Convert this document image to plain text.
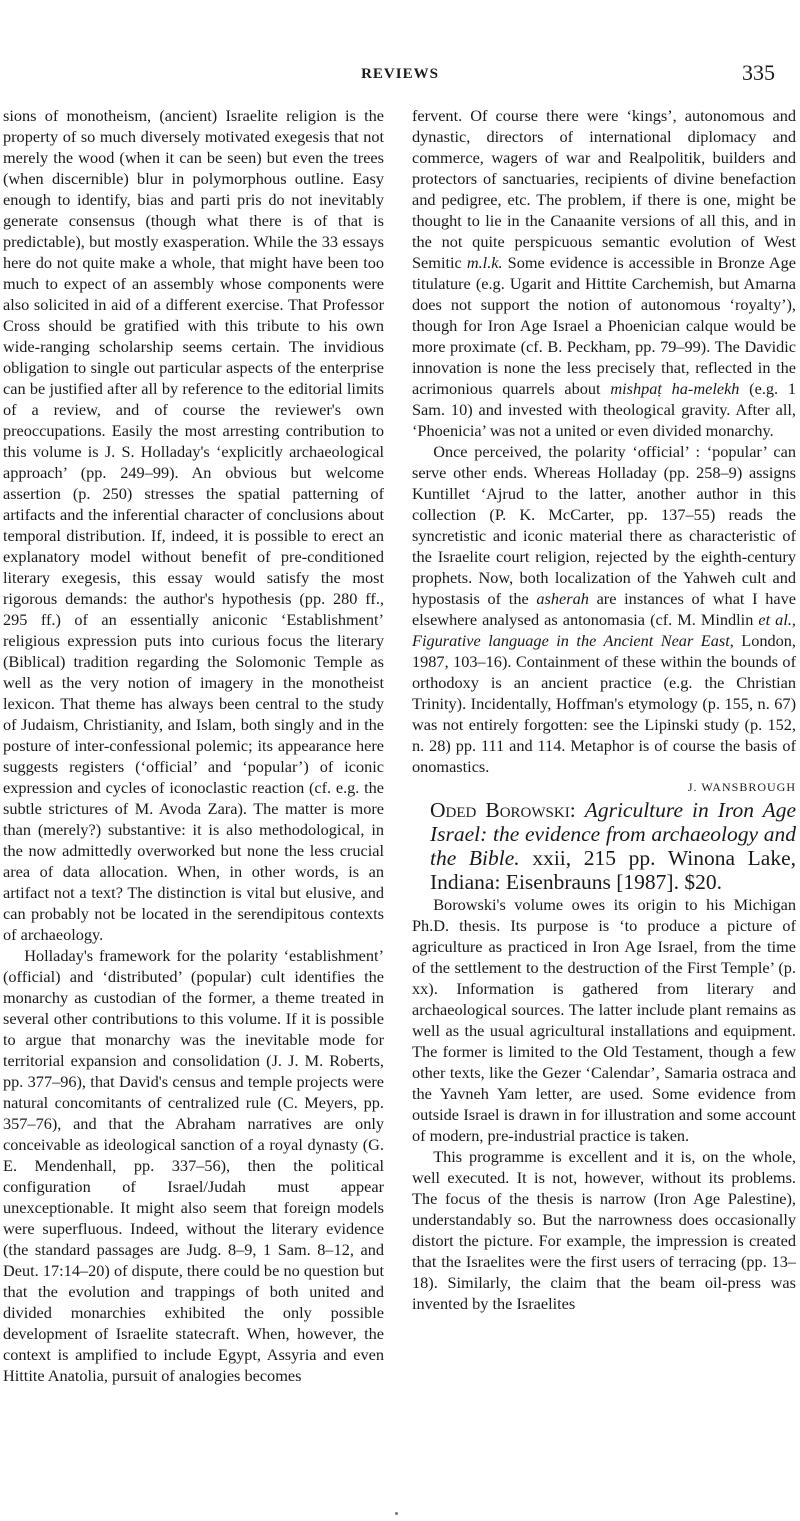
REVIEWS	335

sions of monotheism, (ancient) Israelite religion is the property of so much diversely motivated exegesis that not merely the wood (when it can be seen) but even the trees (when discernible) blur in polymorphous outline. Easy enough to identify, bias and parti pris do not inevitably generate consensus (though what there is of that is predictable), but mostly exasperation. While the 33 essays here do not quite make a whole, that might have been too much to expect of an assembly whose components were also solicited in aid of a different exercise. That Professor Cross should be gratified with this tribute to his own wide-ranging scholarship seems certain. The invidious obligation to single out particular aspects of the enterprise can be justified after all by reference to the editorial limits of a review, and of course the reviewer's own preoccupations. Easily the most arresting contribution to this volume is J. S. Holladay's ‘explicitly archaeological approach’ (pp. 249–99). An obvious but welcome assertion (p. 250) stresses the spatial patterning of artifacts and the inferential character of conclusions about temporal distribution. If, indeed, it is possible to erect an explanatory model without benefit of pre-conditioned literary exegesis, this essay would satisfy the most rigorous demands: the author's hypothesis (pp. 280 ff., 295 ff.) of an essentially aniconic ‘Establishment’ religious expression puts into curious focus the literary (Biblical) tradition regarding the Solomonic Temple as well as the very notion of imagery in the monotheist lexicon. That theme has always been central to the study of Judaism, Christianity, and Islam, both singly and in the posture of inter-confessional polemic; its appearance here suggests registers (‘official’ and ‘popular’) of iconic expression and cycles of iconoclastic reaction (cf. e.g. the subtle strictures of M. Avoda Zara). The matter is more than (merely?) substantive: it is also methodological, in the now admittedly overworked but none the less crucial area of data allocation. When, in other words, is an artifact not a text? The distinction is vital but elusive, and can probably not be located in the serendipitous contexts of archaeology.

Holladay's framework for the polarity ‘establishment’ (official) and ‘distributed’ (popular) cult identifies the monarchy as custodian of the former, a theme treated in several other contributions to this volume. If it is possible to argue that monarchy was the inevitable mode for territorial expansion and consolidation (J. J. M. Roberts, pp. 377–96), that David's census and temple projects were natural concomitants of centralized rule (C. Meyers, pp. 357–76), and that the Abraham narratives are only conceivable as ideological sanction of a royal dynasty (G. E. Mendenhall, pp. 337–56), then the political configuration of Israel/Judah must appear unexceptionable. It might also seem that foreign models were superfluous. Indeed, without the literary evidence (the standard passages are Judg. 8–9, 1 Sam. 8–12, and Deut. 17:14–20) of dispute, there could be no question but that the evolution and trappings of both united and divided monarchies exhibited the only possible development of Israelite statecraft. When, however, the context is amplified to include Egypt, Assyria and even Hittite Anatolia, pursuit of analogies becomes

fervent. Of course there were ‘kings’, autonomous and dynastic, directors of international diplomacy and commerce, wagers of war and Realpolitik, builders and protectors of sanctuaries, recipients of divine benefaction and pedigree, etc. The problem, if there is one, might be thought to lie in the Canaanite versions of all this, and in the not quite perspicuous semantic evolution of West Semitic m.l.k. Some evidence is accessible in Bronze Age titulature (e.g. Ugarit and Hittite Carchemish, but Amarna does not support the notion of autonomous ‘royalty’), though for Iron Age Israel a Phoenician calque would be more proximate (cf. B. Peckham, pp. 79–99). The Davidic innovation is none the less precisely that, reflected in the acrimonious quarrels about mishpaṭ ha-melekh (e.g. 1 Sam. 10) and invested with theological gravity. After all, ‘Phoenicia’ was not a united or even divided monarchy.

Once perceived, the polarity ‘official’ : ‘popular’ can serve other ends. Whereas Holladay (pp. 258–9) assigns Kuntillet ‘Ajrud to the latter, another author in this collection (P. K. McCarter, pp. 137–55) reads the syncretistic and iconic material there as characteristic of the Israelite court religion, rejected by the eighth-century prophets. Now, both localization of the Yahweh cult and hypostasis of the asherah are instances of what I have elsewhere analysed as antonomasia (cf. M. Mindlin et al., Figurative language in the Ancient Near East, London, 1987, 103–16). Containment of these within the bounds of orthodoxy is an ancient practice (e.g. the Christian Trinity). Incidentally, Hoffman's etymology (p. 155, n. 67) was not entirely forgotten: see the Lipinski study (p. 152, n. 28) pp. 111 and 114. Metaphor is of course the basis of onomastics.

J. WANSBROUGH

Oded Borowski: Agriculture in Iron Age Israel: the evidence from archaeology and the Bible. xxii, 215 pp. Winona Lake, Indiana: Eisenbrauns [1987]. $20.

Borowski's volume owes its origin to his Michigan Ph.D. thesis. Its purpose is ‘to produce a picture of agriculture as practiced in Iron Age Israel, from the time of the settlement to the destruction of the First Temple’ (p. xx). Information is gathered from literary and archaeological sources. The latter include plant remains as well as the usual agricultural installations and equipment. The former is limited to the Old Testament, though a few other texts, like the Gezer ‘Calendar’, Samaria ostraca and the Yavneh Yam letter, are used. Some evidence from outside Israel is drawn in for illustration and some account of modern, pre-industrial practice is taken.

This programme is excellent and it is, on the whole, well executed. It is not, however, without its problems. The focus of the thesis is narrow (Iron Age Palestine), understandably so. But the narrowness does occasionally distort the picture. For example, the impression is created that the Israelites were the first users of terracing (pp. 13–18). Similarly, the claim that the beam oil-press was invented by the Israelites
